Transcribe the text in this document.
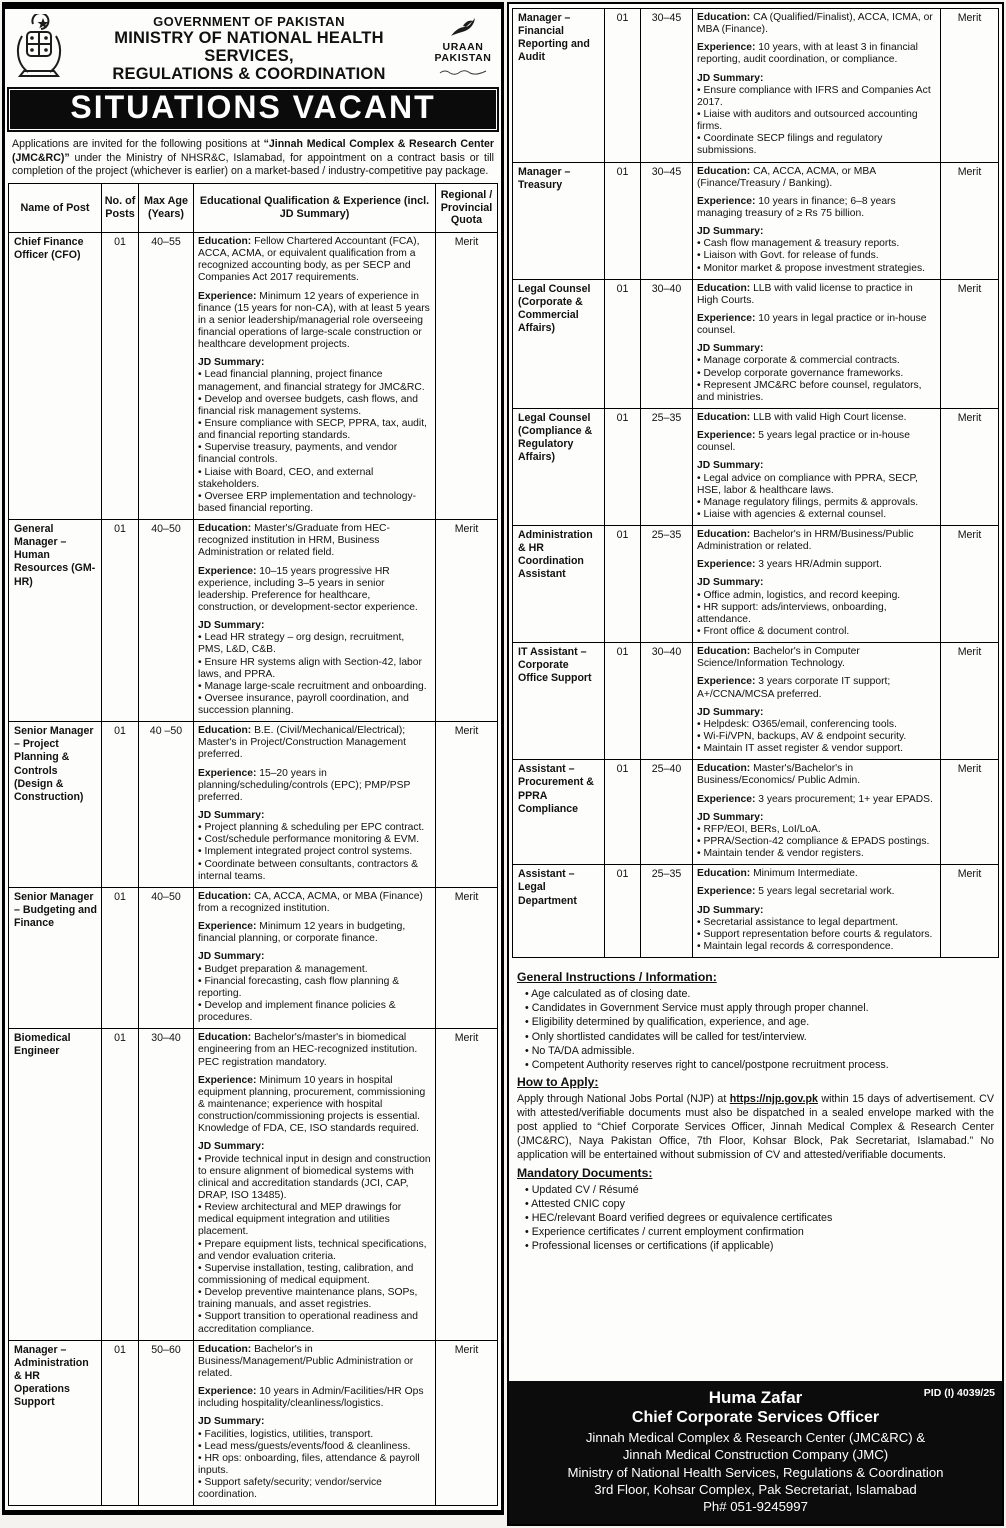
GOVERNMENT OF PAKISTAN
MINISTRY OF NATIONAL HEALTH SERVICES,
REGULATIONS & COORDINATION
URAAN
PAKISTAN
SITUATIONS VACANT

Applications are invited for the following positions at “Jinnah Medical Complex & Research Center (JMC&RC)” under the Ministry of NHSR&C, Islamabad, for appointment on a contract basis or till completion of the project (whichever is earlier) on a market-based / industry-competitive pay package.

Name of Post	No. of Posts	Max Age (Years)	Educational Qualification & Experience (incl. JD Summary)	Regional / Provincial Quota
Chief Finance Officer (CFO)	01	40–55	Education: Fellow Chartered Accountant (FCA), ACCA, ACMA, or equivalent qualification from a recognized accounting body, as per SECP and Companies Act 2017 requirements.

Experience: Minimum 12 years of experience in finance (15 years for non-CA), with at least 5 years in a senior leadership/managerial role overseeing financial operations of large-scale construction or healthcare development projects.

JD Summary:

• Lead financial planning, project finance management, and financial strategy for JMC&RC.
• Develop and oversee budgets, cash flows, and financial risk management systems.
• Ensure compliance with SECP, PPRA, tax, audit, and financial reporting standards.
• Supervise treasury, payments, and vendor financial controls.
• Liaise with Board, CEO, and external stakeholders.
• Oversee ERP implementation and technology-based financial reporting.
	Merit
General Manager – Human Resources (GM-HR)	01	40–50	Education: Master's/Graduate from HEC-recognized institution in HRM, Business Administration or related field.

Experience: 10–15 years progressive HR experience, including 3–5 years in senior leadership. Preference for healthcare, construction, or development-sector experience.

JD Summary:

• Lead HR strategy – org design, recruitment, PMS, L&D, C&B.
• Ensure HR systems align with Section-42, labor laws, and PPRA.
• Manage large-scale recruitment and onboarding.
• Oversee insurance, payroll coordination, and succession planning.
	Merit
Senior Manager – Project Planning & Controls (Design & Construction)	01	40 –50	Education: B.E. (Civil/Mechanical/Electrical); Master's in Project/Construction Management preferred.

Experience: 15–20 years in planning/scheduling/controls (EPC); PMP/PSP preferred.

JD Summary:

• Project planning & scheduling per EPC contract.
• Cost/schedule performance monitoring & EVM.
• Implement integrated project control systems.
• Coordinate between consultants, contractors & internal teams.
	Merit
Senior Manager – Budgeting and Finance	01	40–50	Education: CA, ACCA, ACMA, or MBA (Finance) from a recognized institution.

Experience: Minimum 12 years in budgeting, financial planning, or corporate finance.

JD Summary:

• Budget preparation & management.
• Financial forecasting, cash flow planning & reporting.
• Develop and implement finance policies & procedures.
	Merit
Biomedical Engineer	01	30–40	Education: Bachelor's/master's in biomedical engineering from an HEC-recognized institution. PEC registration mandatory.

Experience: Minimum 10 years in hospital equipment planning, procurement, commissioning & maintenance; experience with hospital construction/commissioning projects is essential. Knowledge of FDA, CE, ISO standards required.

JD Summary:

• Provide technical input in design and construction to ensure alignment of biomedical systems with clinical and accreditation standards (JCI, CAP, DRAP, ISO 13485).
• Review architectural and MEP drawings for medical equipment integration and utilities placement.
• Prepare equipment lists, technical specifications, and vendor evaluation criteria.
• Supervise installation, testing, calibration, and commissioning of medical equipment.
• Develop preventive maintenance plans, SOPs, training manuals, and asset registries.
• Support transition to operational readiness and accreditation compliance.
	Merit
Manager – Administration & HR Operations Support	01	50–60	Education: Bachelor's in Business/Management/Public Administration or related.

Experience: 10 years in Admin/Facilities/HR Ops including hospitality/cleanliness/logistics.

JD Summary:

• Facilities, logistics, utilities, transport.
• Lead mess/guests/events/food & cleanliness.
• HR ops: onboarding, files, attendance & payroll inputs.
• Support safety/security; vendor/service coordination.
	Merit
Manager – Financial Reporting and Audit	01	30–45	Education: CA (Qualified/Finalist), ACCA, ICMA, or MBA (Finance).

Experience: 10 years, with at least 3 in financial reporting, audit coordination, or compliance.

JD Summary:

• Ensure compliance with IFRS and Companies Act 2017.
• Liaise with auditors and outsourced accounting firms.
• Coordinate SECP filings and regulatory submissions.
	Merit
Manager – Treasury	01	30–45	Education: CA, ACCA, ACMA, or MBA (Finance/Treasury / Banking).

Experience: 10 years in finance; 6–8 years managing treasury of ≥ Rs 75 billion.

JD Summary:

• Cash flow management & treasury reports.
• Liaison with Govt. for release of funds.
• Monitor market & propose investment strategies.
	Merit
Legal Counsel (Corporate & Commercial Affairs)	01	30–40	Education: LLB with valid license to practice in High Courts.

Experience: 10 years in legal practice or in-house counsel.

JD Summary:

• Manage corporate & commercial contracts.
• Develop corporate governance frameworks.
• Represent JMC&RC before counsel, regulators, and ministries.
	Merit
Legal Counsel (Compliance & Regulatory Affairs)	01	25–35	Education: LLB with valid High Court license.

Experience: 5 years legal practice or in-house counsel.

JD Summary:

• Legal advice on compliance with PPRA, SECP, HSE, labor & healthcare laws.
• Manage regulatory filings, permits & approvals.
• Liaise with agencies & external counsel.
	Merit
Administration & HR Coordination Assistant	01	25–35	Education: Bachelor's in HRM/Business/Public Administration or related.

Experience: 3 years HR/Admin support.

JD Summary:

• Office admin, logistics, and record keeping.
• HR support: ads/interviews, onboarding, attendance.
• Front office & document control.
	Merit
IT Assistant – Corporate Office Support	01	30–40	Education: Bachelor's in Computer Science/Information Technology.

Experience: 3 years corporate IT support; A+/CCNA/MCSA preferred.

JD Summary:

• Helpdesk: O365/email, conferencing tools.
• Wi-Fi/VPN, backups, AV & endpoint security.
• Maintain IT asset register & vendor support.
	Merit
Assistant – Procurement & PPRA Compliance	01	25–40	Education: Master's/Bachelor's in Business/Economics/ Public Admin.

Experience: 3 years procurement; 1+ year EPADS.

JD Summary:

• RFP/EOI, BERs, LoI/LoA.
• PPRA/Section-42 compliance & EPADS postings.
• Maintain tender & vendor registers.
	Merit
Assistant – Legal Department	01	25–35	Education: Minimum Intermediate.

Experience: 5 years legal secretarial work.

JD Summary:

• Secretarial assistance to legal department.
• Support representation before courts & regulators.
• Maintain legal records & correspondence.
	Merit
General Instructions / Information:
• Age calculated as of closing date.
• Candidates in Government Service must apply through proper channel.
• Eligibility determined by qualification, experience, and age.
• Only shortlisted candidates will be called for test/interview.
• No TA/DA admissible.
• Competent Authority reserves right to cancel/postpone recruitment process.
How to Apply:

Apply through National Jobs Portal (NJP) at https://njp.gov.pk within 15 days of advertisement. CV with attested/verifiable documents must also be dispatched in a sealed envelope marked with the post applied to “Chief Corporate Services Officer, Jinnah Medical Complex & Research Center (JMC&RC), Naya Pakistan Office, 7th Floor, Kohsar Block, Pak Secretariat, Islamabad.” No application will be entertained without submission of CV and attested/verifiable documents.

Mandatory Documents:
• Updated CV / Résumé
• Attested CNIC copy
• HEC/relevant Board verified degrees or equivalence certificates
• Experience certificates / current employment confirmation
• Professional licenses or certifications (if applicable)
PID (I) 4039/25
Huma Zafar
Chief Corporate Services Officer
Jinnah Medical Complex & Research Center (JMC&RC) &
Jinnah Medical Construction Company (JMC)
Ministry of National Health Services, Regulations & Coordination
3rd Floor, Kohsar Complex, Pak Secretariat, Islamabad
Ph# 051-9245997
